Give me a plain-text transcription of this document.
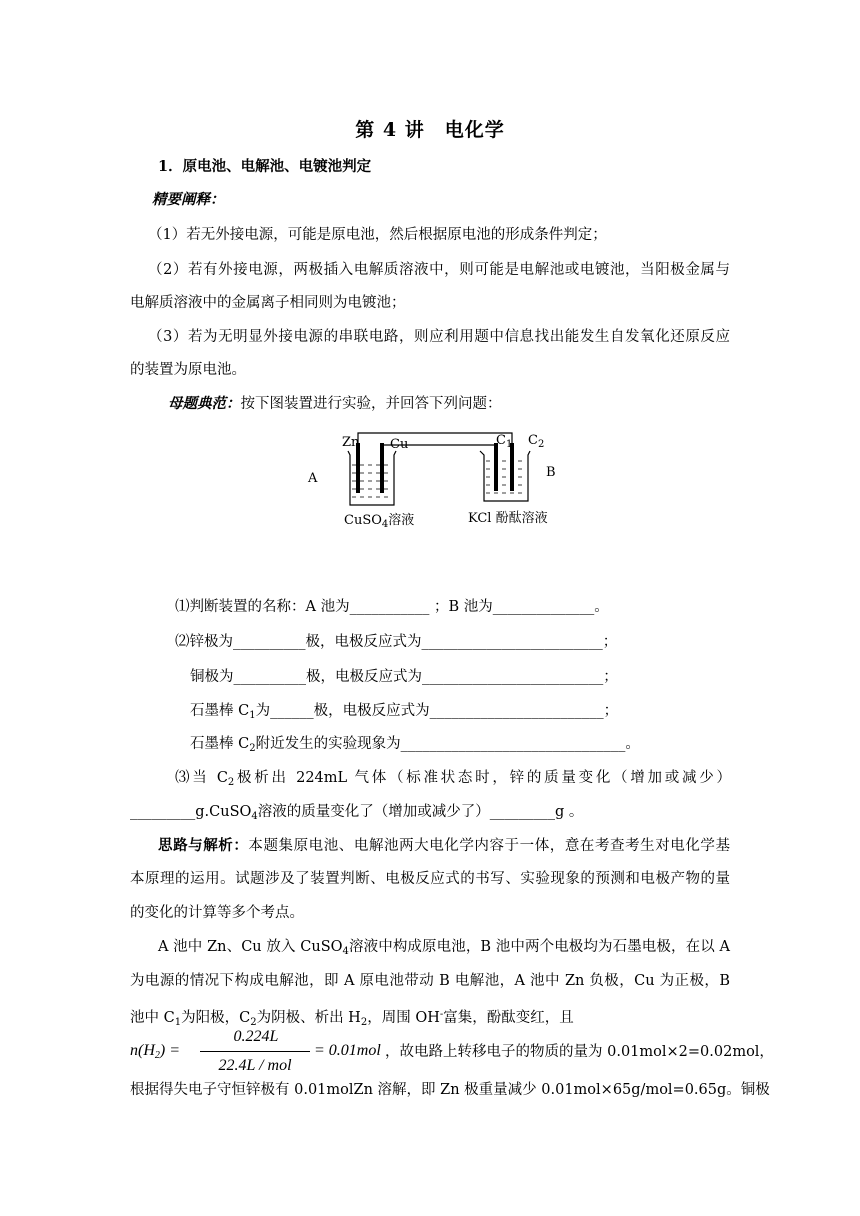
第 4 讲　电化学
1．原电池、电解池、电镀池判定
精要阐释：
（1）若无外接电源，可能是原电池，然后根据原电池的形成条件判定；
（2）若有外接电源，两极插入电解质溶液中，则可能是电解池或电镀池，当阳极金属与
电解质溶液中的金属离子相同则为电镀池；
（3）若为无明显外接电源的串联电路，则应利用题中信息找出能发生自发氧化还原反应
的装置为原电池。
母题典范：按下图装置进行实验，并回答下列问题：
Zn Cu	$C_1$ $C_2$
A	B
CuSO$_4$溶液	KCl 酚酞溶液
⑴判断装置的名称：A 池为___________ ；B 池为______________。
⑵锌极为__________极，电极反应式为_________________________；
铜极为__________极，电极反应式为_________________________；
石墨棒 $C_1$为______极，电极反应式为________________________；
石墨棒 $C_2$附近发生的实验现象为_______________________________。
⑶当 $C_2$极析出 224mL 气体（标准状态时，锌的质量变化（增加或减少）
_________g.CuSO$_4$溶液的质量变化了（增加或减少了）_________g 。
思路与解析：本题集原电池、电解池两大电化学内容于一体，意在考查考生对电化学基
本原理的运用。试题涉及了装置判断、电极反应式的书写、实验现象的预测和电极产物的量
的变化的计算等多个考点。
A 池中 Zn、Cu 放入 CuSO$_4$溶液中构成原电池，B 池中两个电极均为石墨电极，在以 A
为电源的情况下构成电解池，即 A 原电池带动 B 电解池，A 池中 Zn 负极，Cu 为正极，B
池中 $C_1$为阳极，$C_2$为阴极、析出 $H_2$，周围 OH-富集，酚酞变红，且
$n(H_2)$ =
0.224L
22.4L / mol
= 0.01mol ，故电路上转移电子的物质的量为 0.01mol×2=0.02mol，
根据得失电子守恒锌极有 0.01molZn 溶解，即 Zn 极重量减少 0.01mol×65g/mol=0.65g。铜极
